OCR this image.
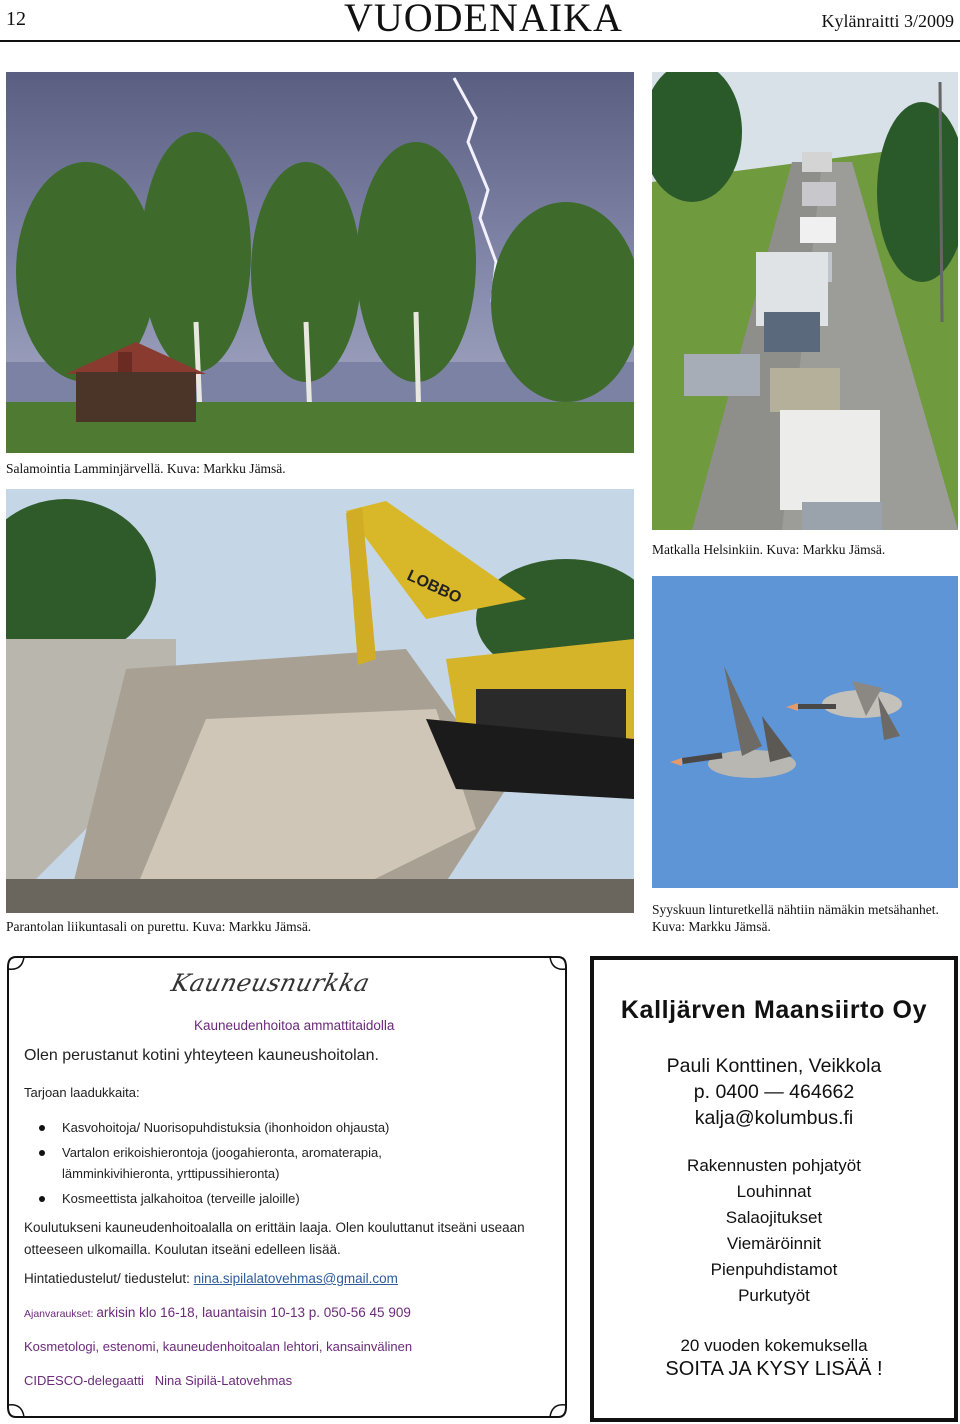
12	VUODENAIKA	Kylänraitti 3/2009
Salamointia Lamminjärvellä. Kuva: Markku Jämsä.
Matkalla Helsinkiin. Kuva: Markku Jämsä.
LOBBO
Parantolan liikuntasali on purettu. Kuva: Markku Jämsä.
Syyskuun linturetkellä nähtiin nämäkin metsähanhet.
Kuva: Markku Jämsä.
Kauneusnurkka
Kauneudenhoitoa ammattitaidolla
Olen perustanut kotini yhteyteen kauneushoitolan.
Tarjoan laadukkaita:
Kasvohoitoja/ Nuorisopuhdistuksia (ihonhoidon ohjausta)
Vartalon erikoishierontoja (joogahieronta, aromaterapia, lämminkivihieronta, yrttipussihieronta)
Kosmeettista jalkahoitoa (terveille jaloille)
Koulutukseni kauneudenhoitoalalla on erittäin laaja. Olen kouluttanut itseäni useaan otteeseen ulkomailla. Koulutan itseäni edelleen lisää.
Hintatiedustelut/ tiedustelut: nina.sipilalatovehmas@gmail.com
Ajanvaraukset: arkisin klo 16-18, lauantaisin 10-13 p. 050-56 45 909
Kosmetologi, estenomi, kauneudenhoitoalan lehtori, kansainvälinen
CIDESCO-delegaatti   Nina Sipilä-Latovehmas
Kalljärven Maansiirto Oy
Pauli Konttinen, Veikkola
p. 0400 — 464662
kalja@kolumbus.fi
Rakennusten pohjatyöt
Louhinnat
Salaojitukset
Viemäröinnit
Pienpuhdistamot
Purkutyöt
20 vuoden kokemuksella
SOITA JA KYSY LISÄÄ !
